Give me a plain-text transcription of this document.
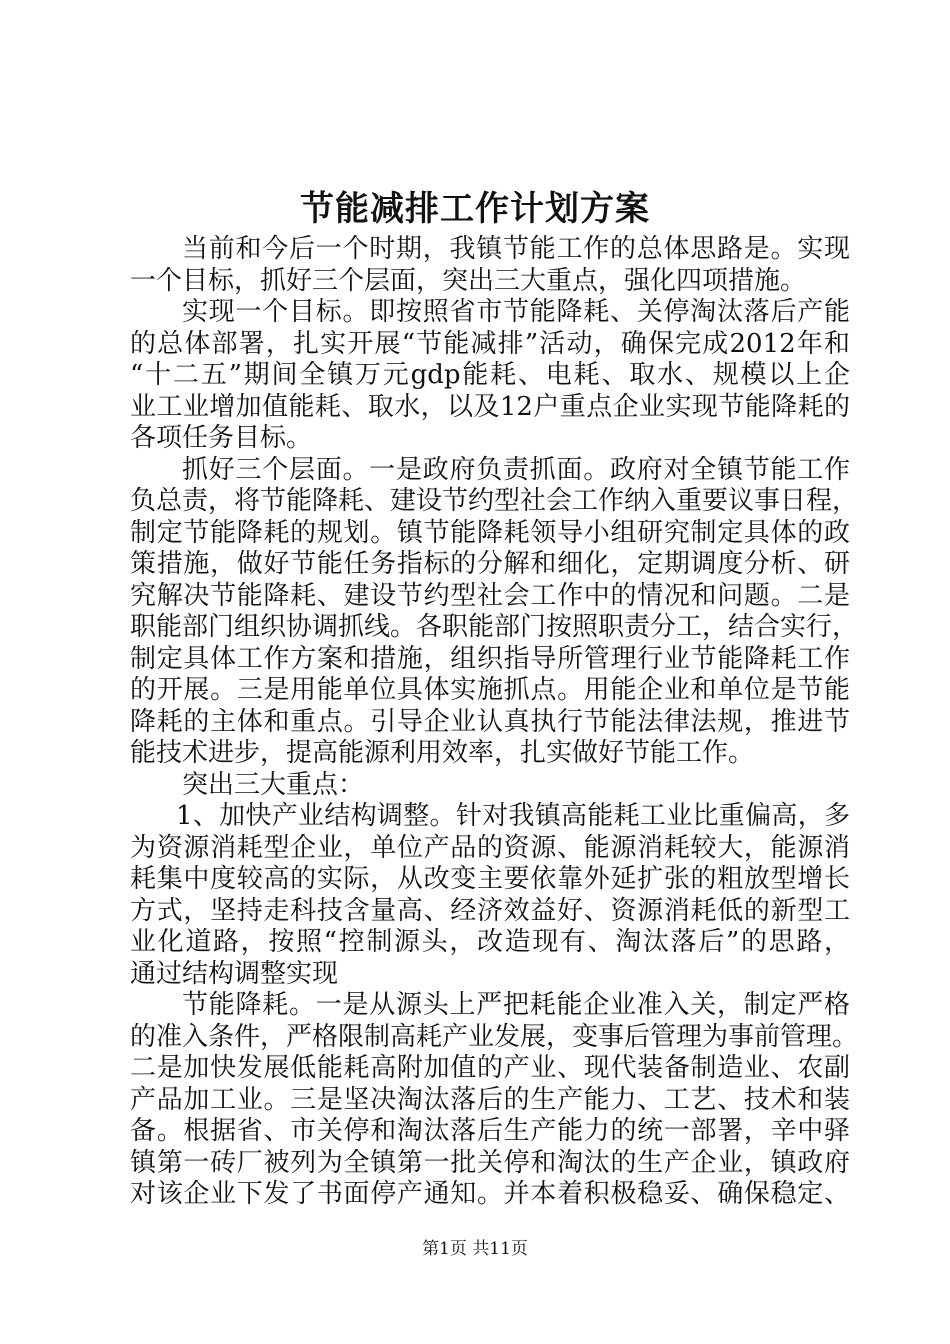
节能减排工作计划方案
当前和今后一个时期，我镇节能工作的总体思路是。实现
一个目标，抓好三个层面，突出三大重点，强化四项措施。
实现一个目标。即按照省市节能降耗、关停淘汰落后产能
的总体部署，扎实开展“节能减排”活动，确保完成2012年和
“十二五”期间全镇万元gdp能耗、电耗、取水、规模以上企
业工业增加值能耗、取水，以及12户重点企业实现节能降耗的
各项任务目标。
抓好三个层面。一是政府负责抓面。政府对全镇节能工作
负总责，将节能降耗、建设节约型社会工作纳入重要议事日程，
制定节能降耗的规划。镇节能降耗领导小组研究制定具体的政
策措施，做好节能任务指标的分解和细化，定期调度分析、研
究解决节能降耗、建设节约型社会工作中的情况和问题。二是
职能部门组织协调抓线。各职能部门按照职责分工，结合实行，
制定具体工作方案和措施，组织指导所管理行业节能降耗工作
的开展。三是用能单位具体实施抓点。用能企业和单位是节能
降耗的主体和重点。引导企业认真执行节能法律法规，推进节
能技术进步，提高能源利用效率，扎实做好节能工作。
突出三大重点：
1、加快产业结构调整。针对我镇高能耗工业比重偏高，多
为资源消耗型企业，单位产品的资源、能源消耗较大，能源消
耗集中度较高的实际，从改变主要依靠外延扩张的粗放型增长
方式，坚持走科技含量高、经济效益好、资源消耗低的新型工
业化道路，按照“控制源头，改造现有、淘汰落后”的思路，
通过结构调整实现
节能降耗。一是从源头上严把耗能企业准入关，制定严格
的准入条件，严格限制高耗产业发展，变事后管理为事前管理。
二是加快发展低能耗高附加值的产业、现代装备制造业、农副
产品加工业。三是坚决淘汰落后的生产能力、工艺、技术和装
备。根据省、市关停和淘汰落后生产能力的统一部署，辛中驿
镇第一砖厂被列为全镇第一批关停和淘汰的生产企业，镇政府
对该企业下发了书面停产通知。并本着积极稳妥、确保稳定、
第1页 共11页
